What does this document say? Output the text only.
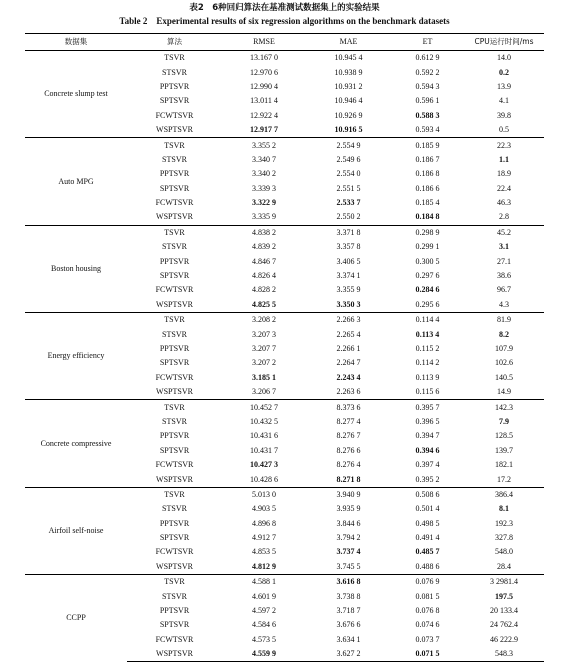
表2　6种回归算法在基准测试数据集上的实验结果
Table 2　Experimental results of six regression algorithms on the benchmark datasets
数据集	算法	RMSE	MAE	ET	CPU运行时间/ms
Concrete slump test	TSVR	13.167 0	10.945 4	0.612 9	14.0
	STSVR	12.970 6	10.938 9	0.592 2	0.2
	PPTSVR	12.990 4	10.931 2	0.594 3	13.9
	SPTSVR	13.011 4	10.946 4	0.596 1	4.1
	FCWTSVR	12.922 4	10.926 9	0.588 3	39.8
	WSPTSVR	12.917 7	10.916 5	0.593 4	0.5
Auto MPG	TSVR	3.355 2	2.554 9	0.185 9	22.3
	STSVR	3.340 7	2.549 6	0.186 7	1.1
	PPTSVR	3.340 2	2.554 0	0.186 8	18.9
	SPTSVR	3.339 3	2.551 5	0.186 6	22.4
	FCWTSVR	3.322 9	2.533 7	0.185 4	46.3
	WSPTSVR	3.335 9	2.550 2	0.184 8	2.8
Boston housing	TSVR	4.838 2	3.371 8	0.298 9	45.2
	STSVR	4.839 2	3.357 8	0.299 1	3.1
	PPTSVR	4.846 7	3.406 5	0.300 5	27.1
	SPTSVR	4.826 4	3.374 1	0.297 6	38.6
	FCWTSVR	4.828 2	3.355 9	0.284 6	96.7
	WSPTSVR	4.825 5	3.350 3	0.295 6	4.3
Energy efficiency	TSVR	3.208 2	2.266 3	0.114 4	81.9
	STSVR	3.207 3	2.265 4	0.113 4	8.2
	PPTSVR	3.207 7	2.266 1	0.115 2	107.9
	SPTSVR	3.207 2	2.264 7	0.114 2	102.6
	FCWTSVR	3.185 1	2.243 4	0.113 9	140.5
	WSPTSVR	3.206 7	2.263 6	0.115 6	14.9
Concrete compressive	TSVR	10.452 7	8.373 6	0.395 7	142.3
	STSVR	10.432 5	8.277 4	0.396 5	7.9
	PPTSVR	10.431 6	8.276 7	0.394 7	128.5
	SPTSVR	10.431 7	8.276 6	0.394 6	139.7
	FCWTSVR	10.427 3	8.276 4	0.397 4	182.1
	WSPTSVR	10.428 6	8.271 8	0.395 2	17.2
Airfoil self-noise	TSVR	5.013 0	3.940 9	0.508 6	386.4
	STSVR	4.903 5	3.935 9	0.501 4	8.1
	PPTSVR	4.896 8	3.844 6	0.498 5	192.3
	SPTSVR	4.912 7	3.794 2	0.491 4	327.8
	FCWTSVR	4.853 5	3.737 4	0.485 7	548.0
	WSPTSVR	4.812 9	3.745 5	0.488 6	28.4
CCPP	TSVR	4.588 1	3.616 8	0.076 9	3 2981.4
	STSVR	4.601 9	3.738 8	0.081 5	197.5
	PPTSVR	4.597 2	3.718 7	0.076 8	20 133.4
	SPTSVR	4.584 6	3.676 6	0.074 6	24 762.4
	FCWTSVR	4.573 5	3.634 1	0.073 7	46 222.9
	WSPTSVR	4.559 9	3.627 2	0.071 5	548.3
